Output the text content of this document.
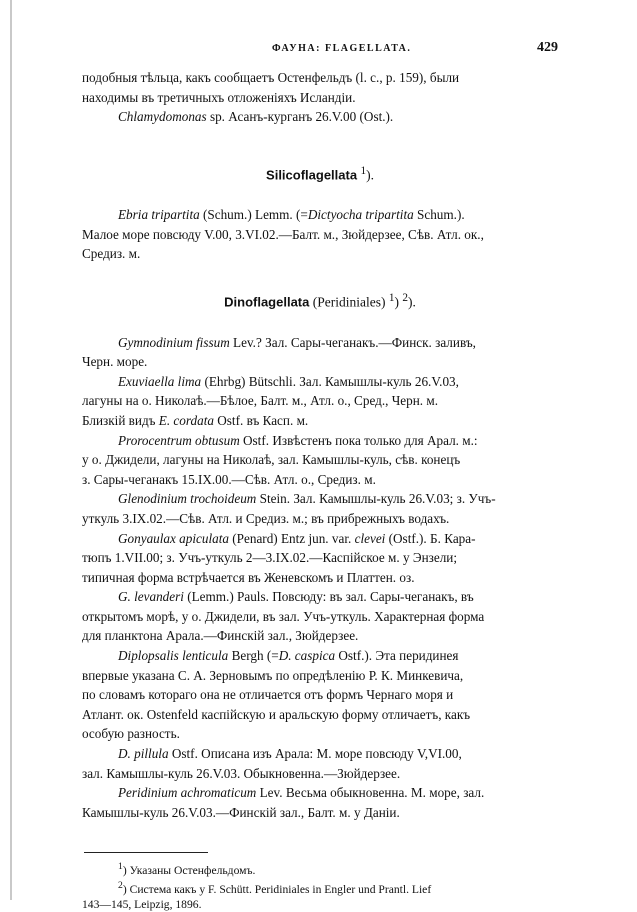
ФАУНА: FLAGELLATA.	429

подобныя тѣльца, какъ сообщаетъ Остенфельдъ (l. c., p. 159), были

находимы въ третичныхъ отложеніяхъ Исландіи.

Chlamydomonas sp. Асанъ-курганъ 26.V.00 (Ost.).

Silicoflagellata $^1$).

Ebria tripartita (Schum.) Lemm. (=Dictyocha tripartita Schum.).

Малое море повсюду V.00, 3.VI.02.—Балт. м., Зюйдерзее, Сѣв. Атл. ок.,

Средиз. м.

Dinoflagellata (Peridiniales) $^1$) $^2$).

Gymnodinium fissum Lev.? Зал. Сары-чеганакъ.—Финск. заливъ,

Черн. море.

Exuviaella lima (Ehrbg) Bütschli. Зал. Камышлы-куль 26.V.03,

лагуны на о. Николаѣ.—Бѣлое, Балт. м., Атл. о., Сред., Черн. м.

Близкій видъ E. cordata Ostf. въ Касп. м.

Prorocentrum obtusum Ostf. Извѣстенъ пока только для Арал. м.:

у о. Джидели, лагуны на Николаѣ, зал. Камышлы-куль, сѣв. конецъ

з. Сары-чеганакъ 15.IX.00.—Сѣв. Атл. о., Средиз. м.

Glenodinium trochoideum Stein. Зал. Камышлы-куль 26.V.03; з. Учъ-

уткуль 3.IX.02.—Сѣв. Атл. и Средиз. м.; въ прибрежныхъ водахъ.

Gonyaulax apiculata (Penard) Entz jun. var. clevei (Ostf.). Б. Кара-

тюпъ 1.VII.00; з. Учъ-уткуль 2—3.IX.02.—Каспійское м. у Энзели;

типичная форма встрѣчается въ Женевскомъ и Платтен. оз.

G. levanderi (Lemm.) Pauls. Повсюду: въ зал. Сары-чеганакъ, въ

открытомъ морѣ, у о. Джидели, въ зал. Учъ-уткуль. Характерная форма

для планктона Арала.—Финскій зал., Зюйдерзее.

Diplopsalis lenticula Bergh (=D. caspica Ostf.). Эта перидинея

впервые указана С. А. Зерновымъ по опредѣленію Р. К. Минкевича,

по словамъ котораго она не отличается отъ формъ Чернаго моря и

Атлант. ок. Ostenfeld каспійскую и аральскую форму отличаетъ, какъ

особую разность.

D. pillula Ostf. Описана изъ Арала: М. море повсюду V,VI.00,

зал. Камышлы-куль 26.V.03. Обыкновенна.—Зюйдерзее.

Peridinium achromaticum Lev. Весьма обыкновенна. М. море, зал.

Камышлы-куль 26.V.03.—Финскій зал., Балт. м. у Даніи.

$^1$) Указаны Остенфельдомъ.

$^2$) Система какъ у F. Schütt. Peridiniales in Engler und Prantl. Lief

143—145, Leipzig, 1896.
